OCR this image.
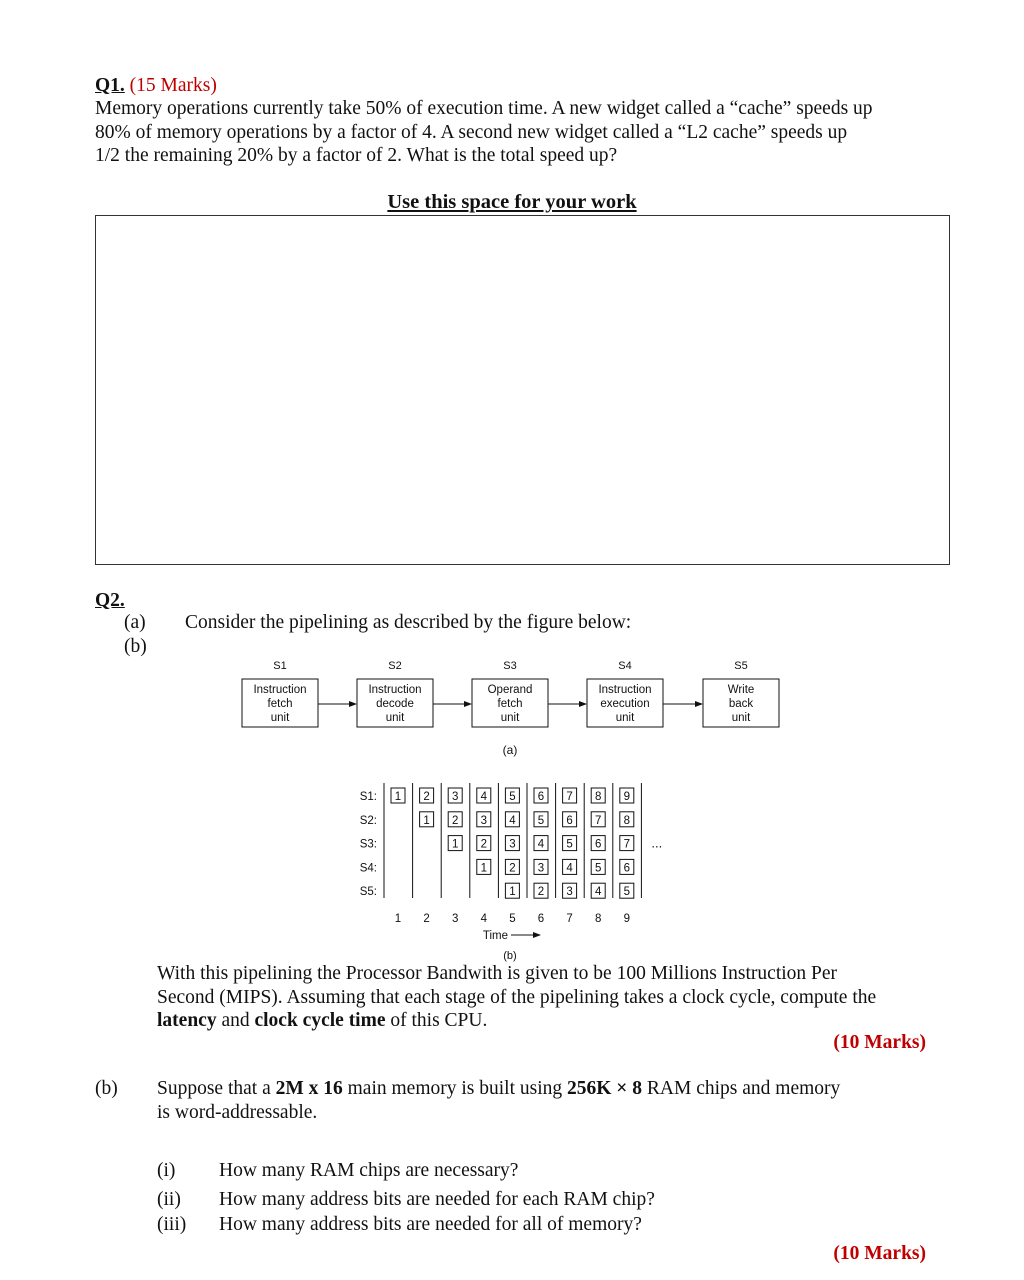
Q1. (15 Marks)
Memory operations currently take 50% of execution time. A new widget called a “cache” speeds up
80% of memory operations by a factor of 4. A second new widget called a “L2 cache” speeds up
1/2 the remaining 20% by a factor of 2. What is the total speed up?
Use this space for your work
Q2.
(a)
(b)
Consider the pipelining as described by the figure below:
S1
Instruction
fetch
unit
S2
Instruction
decode
unit
S3
Operand
fetch
unit
S4
Instruction
execution
unit
S5
Write
back
unit
(a)
S1:
S2:
S3:
S4:
S5:
1 2 3 4 5 6 7 8 9
1 2 3 4 5 6 7 8
1 2 3 4 5 6 7
1 2 3 4 5 6
1 2 3 4 5
...
1 2 3 4 5 6 7 8 9
Time
(b)
With this pipelining the Processor Bandwith is given to be 100 Millions Instruction Per
Second (MIPS). Assuming that each stage of the pipelining takes a clock cycle, compute the
latency and clock cycle time of this CPU.
(10 Marks)
(b) Suppose that a 2M x 16 main memory is built using 256K × 8 RAM chips and memory
is word-addressable.
(i) How many RAM chips are necessary?
(ii) How many address bits are needed for each RAM chip?
(iii) How many address bits are needed for all of memory?
(10 Marks)
